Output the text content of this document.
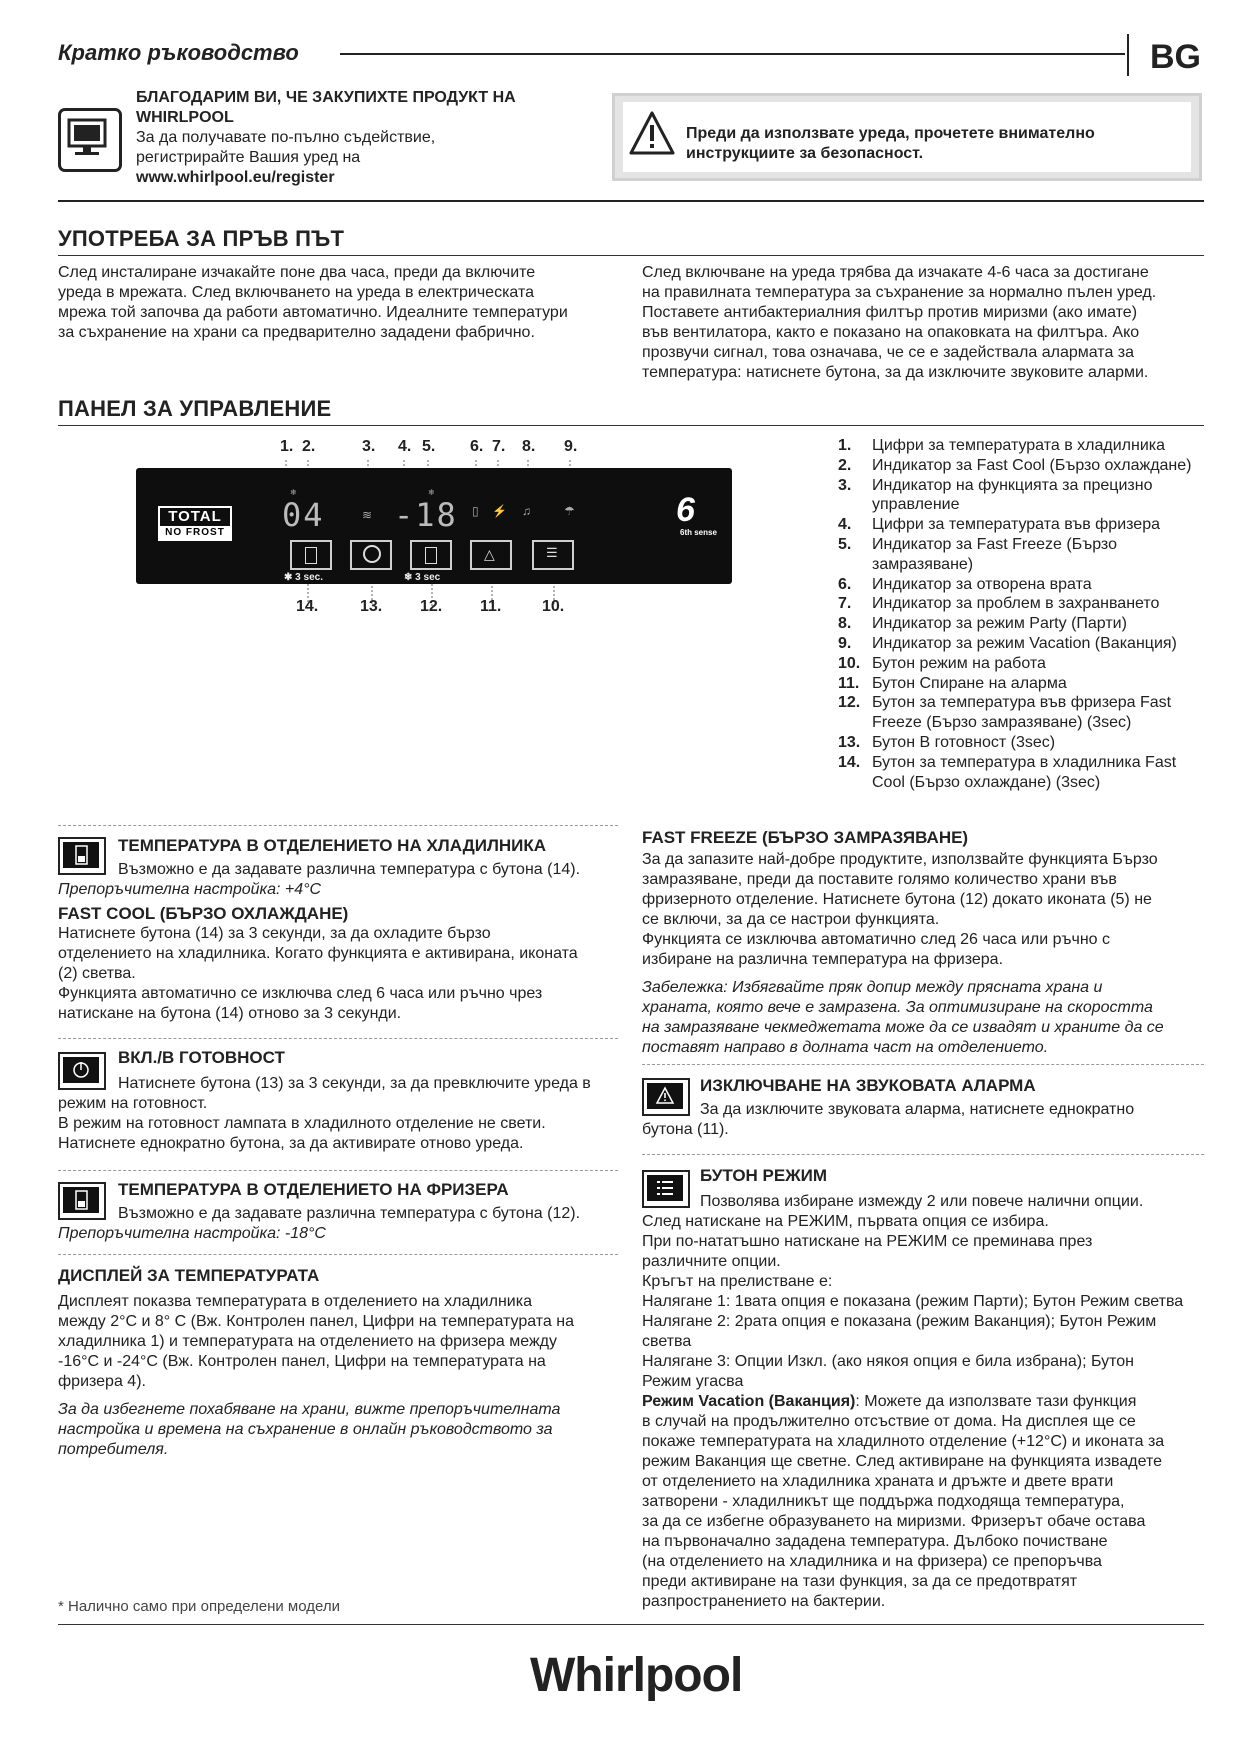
Кратко ръководство	BG
БЛАГОДАРИМ ВИ, ЧЕ ЗАКУПИХТЕ ПРОДУКТ НА
WHIRLPOOL
За да получавате по-пълно съдействие,
регистрирайте Вашия уред на
www.whirlpool.eu/register
Преди да използвате уреда, прочетете внимателно
инструкциите за безопасност.
УПОТРЕБА ЗА ПРЪВ ПЪТ
След инсталиране изчакайте поне два часа, преди да включите
уреда в мрежата. След включването на уреда в електрическата
мрежа той започва да работи автоматично. Идеалните температури
за съхранение на храни са предварително зададени фабрично.
След включване на уреда трябва да изчакате 4-6 часа за достигане
на правилната температура за съхранение за нормално пълен уред.
Поставете антибактериалния филтър против миризми (ако имате)
във вентилатора, както е показано на опаковката на филтъра. Ако
прозвучи сигнал, това означава, че се е задействала алармата за
температура: натиснете бутона, за да изключите звуковите аларми.
ПАНЕЛ ЗА УПРАВЛЕНИЕ
1. 2.	3. 4. 5. 6. 7. 8. 9.
TOTAL
NO FROST 04
❄
≋ -18
❄
▯ ⚡ ♫	☂	6
6th sense
△	☰
✱ 3 sec.	❄ 3 sec
14.	13. 12. 11.	10.
1.	Цифри за температурата в хладилника
2.	Индикатор за Fast Cool (Бързо охлаждане)
3.	Индикатор на функцията за прецизно управление
4.	Цифри за температурата във фризера
5.	Индикатор за Fast Freeze (Бързо замразяване)
6.	Индикатор за отворена врата
7.	Индикатор за проблем в захранването
8.	Индикатор за режим Party (Парти)
9.	Индикатор за режим Vacation (Ваканция)
10. Бутон режим на работа
11. Бутон Спиране на аларма
12. Бутон за температура във фризера Fast Freeze (Бързо замразяване) (3sec)
13. Бутон В готовност (3sec)
14. Бутон за температура в хладилника Fast Cool (Бързо охлаждане) (3sec)
ТЕМПЕРАТУРА В ОТДЕЛЕНИЕТО НА ХЛАДИЛНИКА
Възможно е да задавате различна температура с бутона (14).
Препоръчителна настройка: +4°C
FAST COOL (БЪРЗО ОХЛАЖДАНЕ)
Натиснете бутона (14) за 3 секунди, за да охладите бързо
отделението на хладилника. Когато функцията е активирана, иконата
(2) светва.
Функцията автоматично се изключва след 6 часа или ръчно чрез
натискане на бутона (14) отново за 3 секунди.
ВКЛ./В ГОТОВНОСТ
Натиснете бутона (13) за 3 секунди, за да превключите уреда в
режим на готовност.
В режим на готовност лампата в хладилното отделение не свети.
Натиснете еднократно бутона, за да активирате отново уреда.
ТЕМПЕРАТУРА В ОТДЕЛЕНИЕТО НА ФРИЗЕРА
Възможно е да задавате различна температура с бутона (12).
Препоръчителна настройка: -18°C
ДИСПЛЕЙ ЗА ТЕМПЕРАТУРАТА
Дисплеят показва температурата в отделението на хладилника
между 2°C и 8° C (Вж. Контролен панел, Цифри на температурата на
хладилника 1) и температурата на отделението на фризера между
-16°C и -24°C (Вж. Контролен панел, Цифри на температурата на
фризера 4).
За да избегнете похабяване на храни, вижте препоръчителната
настройка и времена на съхранение в онлайн ръководството за
потребителя.
FAST FREEZE (БЪРЗО ЗАМРАЗЯВАНЕ)
За да запазите най-добре продуктите, използвайте функцията Бързо
замразяване, преди да поставите голямо количество храни във
фризерното отделение. Натиснете бутона (12) докато иконата (5) не
се включи, за да се настрои функцията.
Функцията се изключва автоматично след 26 часа или ръчно с
избиране на различна температура на фризера.
Забележка: Избягвайте пряк допир между прясната храна и
храната, която вече е замразена. За оптимизиране на скоростта
на замразяване чекмеджетата може да се извадят и храните да се
поставят направо в долната част на отделението.
ИЗКЛЮЧВАНЕ НА ЗВУКОВАТА АЛАРМА
За да изключите звуковата аларма, натиснете еднократно
бутона (11).
БУТОН РЕЖИМ
Позволява избиране измежду 2 или повече налични опции.
След натискане на РЕЖИМ, първата опция се избира.
При по-нататъшно натискане на РЕЖИМ се преминава през
различните опции.
Кръгът на прелистване е:
Налягане 1: 1вата опция е показана (режим Парти); Бутон Режим светва
Налягане 2: 2рата опция е показана (режим Ваканция); Бутон Режим
светва
Налягане 3: Опции Изкл. (ако някоя опция е била избрана); Бутон
Режим угасва
Режим Vacation (Ваканция): Можете да използвате тази функция
в случай на продължително отсъствие от дома. На дисплея ще се
покаже температурата на хладилното отделение (+12°C) и иконата за
режим Ваканция ще светне. След активиране на функцията извадете
от отделението на хладилника храната и дръжте и двете врати
затворени - хладилникът ще поддържа подходяща температура,
за да се избегне образуването на миризми. Фризерът обаче остава
на първоначално зададена температура. Дълбоко почистване
(на отделението на хладилника и на фризера) се препоръчва
преди активиране на тази функция, за да се предотвратят
разпространението на бактерии.
* Налично само при определени модели
Whirlpool
